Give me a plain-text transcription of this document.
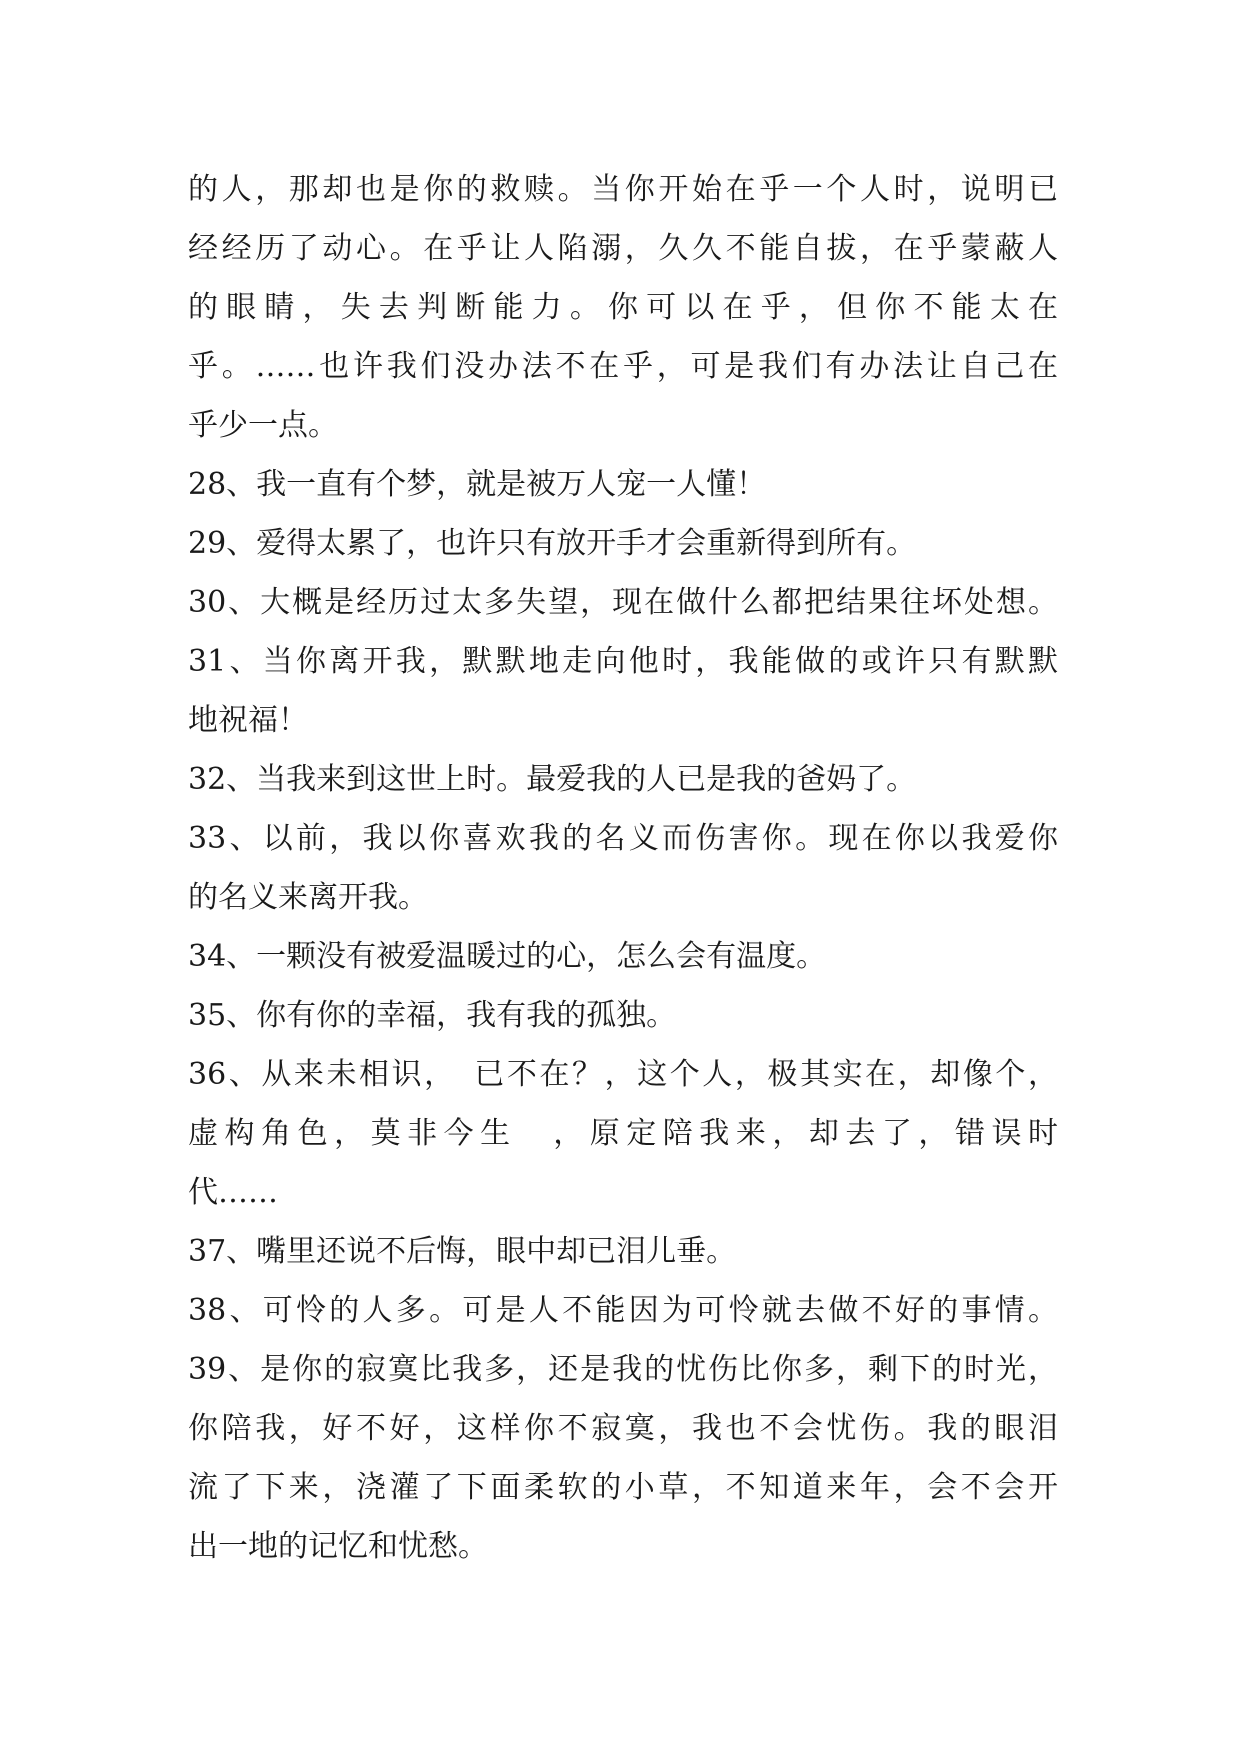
的人，那却也是你的救赎。当你开始在乎一个人时，说明已
经经历了动心。在乎让人陷溺，久久不能自拔，在乎蒙蔽人
的眼睛，失去判断能力。你可以在乎，但你不能太在
乎。……也许我们没办法不在乎，可是我们有办法让自己在
乎少一点。
28、我一直有个梦，就是被万人宠一人懂！
29、爱得太累了，也许只有放开手才会重新得到所有。
30、大概是经历过太多失望，现在做什么都把结果往坏处想。
31、当你离开我，默默地走向他时，我能做的或许只有默默
地祝福！
32、当我来到这世上时。最爱我的人已是我的爸妈了。
33、以前，我以你喜欢我的名义而伤害你。现在你以我爱你
的名义来离开我。
34、一颗没有被爱温暖过的心，怎么会有温度。
35、你有你的幸福，我有我的孤独。
36、从来未相识，　已不在？，这个人，极其实在，却像个，
虚构角色，莫非今生　，原定陪我来，却去了，错误时
代……
37、嘴里还说不后悔，眼中却已泪儿垂。
38、可怜的人多。可是人不能因为可怜就去做不好的事情。
39、是你的寂寞比我多，还是我的忧伤比你多，剩下的时光，
你陪我，好不好，这样你不寂寞，我也不会忧伤。我的眼泪
流了下来，浇灌了下面柔软的小草，不知道来年，会不会开
出一地的记忆和忧愁。
